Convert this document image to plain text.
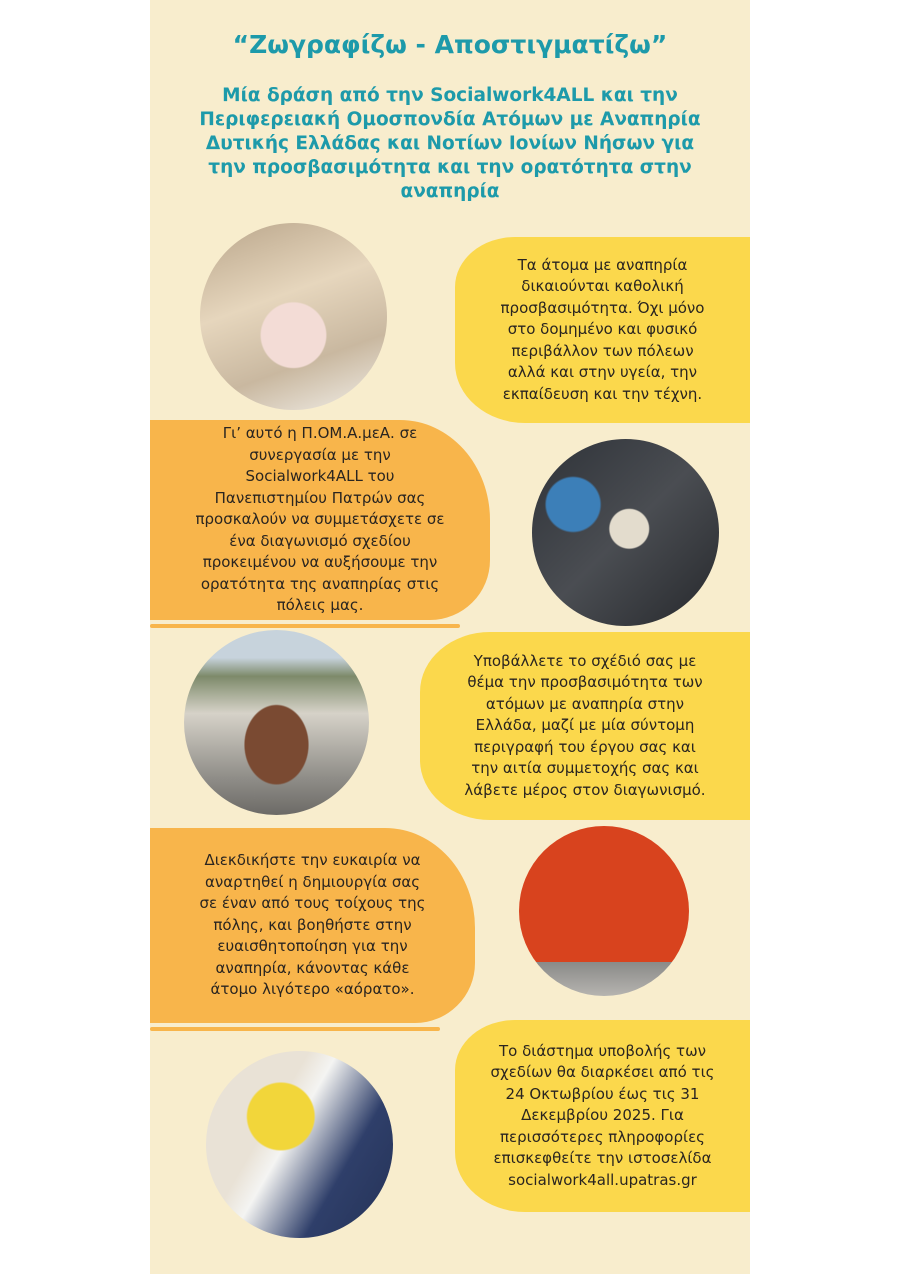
“Ζωγραφίζω - Αποστιγματίζω”
Μία δράση από την Socialwork4ALL και την
Περιφερειακή Ομοσπονδία Ατόμων με Αναπηρία
Δυτικής Ελλάδας και Νοτίων Ιονίων Νήσων για
την προσβασιμότητα και την ορατότητα στην
αναπηρία
Τα άτομα με αναπηρία
δικαιούνται καθολική
προσβασιμότητα. Όχι μόνο
στο δομημένο και φυσικό
περιβάλλον των πόλεων
αλλά και στην υγεία, την
εκπαίδευση και την τέχνη.
Γι’ αυτό η Π.ΟΜ.Α.μεΑ. σε
συνεργασία με την
Socialwork4ALL του
Πανεπιστημίου Πατρών σας
προσκαλούν να συμμετάσχετε σε
ένα διαγωνισμό σχεδίου
προκειμένου να αυξήσουμε την
ορατότητα της αναπηρίας στις
πόλεις μας.
Υποβάλλετε το σχέδιό σας με
θέμα την προσβασιμότητα των
ατόμων με αναπηρία στην
Ελλάδα, μαζί με μία σύντομη
περιγραφή του έργου σας και
την αιτία συμμετοχής σας και
λάβετε μέρος στον διαγωνισμό.
Διεκδικήστε την ευκαιρία να
αναρτηθεί η δημιουργία σας
σε έναν από τους τοίχους της
πόλης, και βοηθήστε στην
ευαισθητοποίηση για την
αναπηρία, κάνοντας κάθε
άτομο λιγότερο «αόρατο».
Το διάστημα υποβολής των
σχεδίων θα διαρκέσει από τις
24 Οκτωβρίου έως τις 31
Δεκεμβρίου 2025. Για
περισσότερες πληροφορίες
επισκεφθείτε την ιστοσελίδα
socialwork4all.upatras.gr
